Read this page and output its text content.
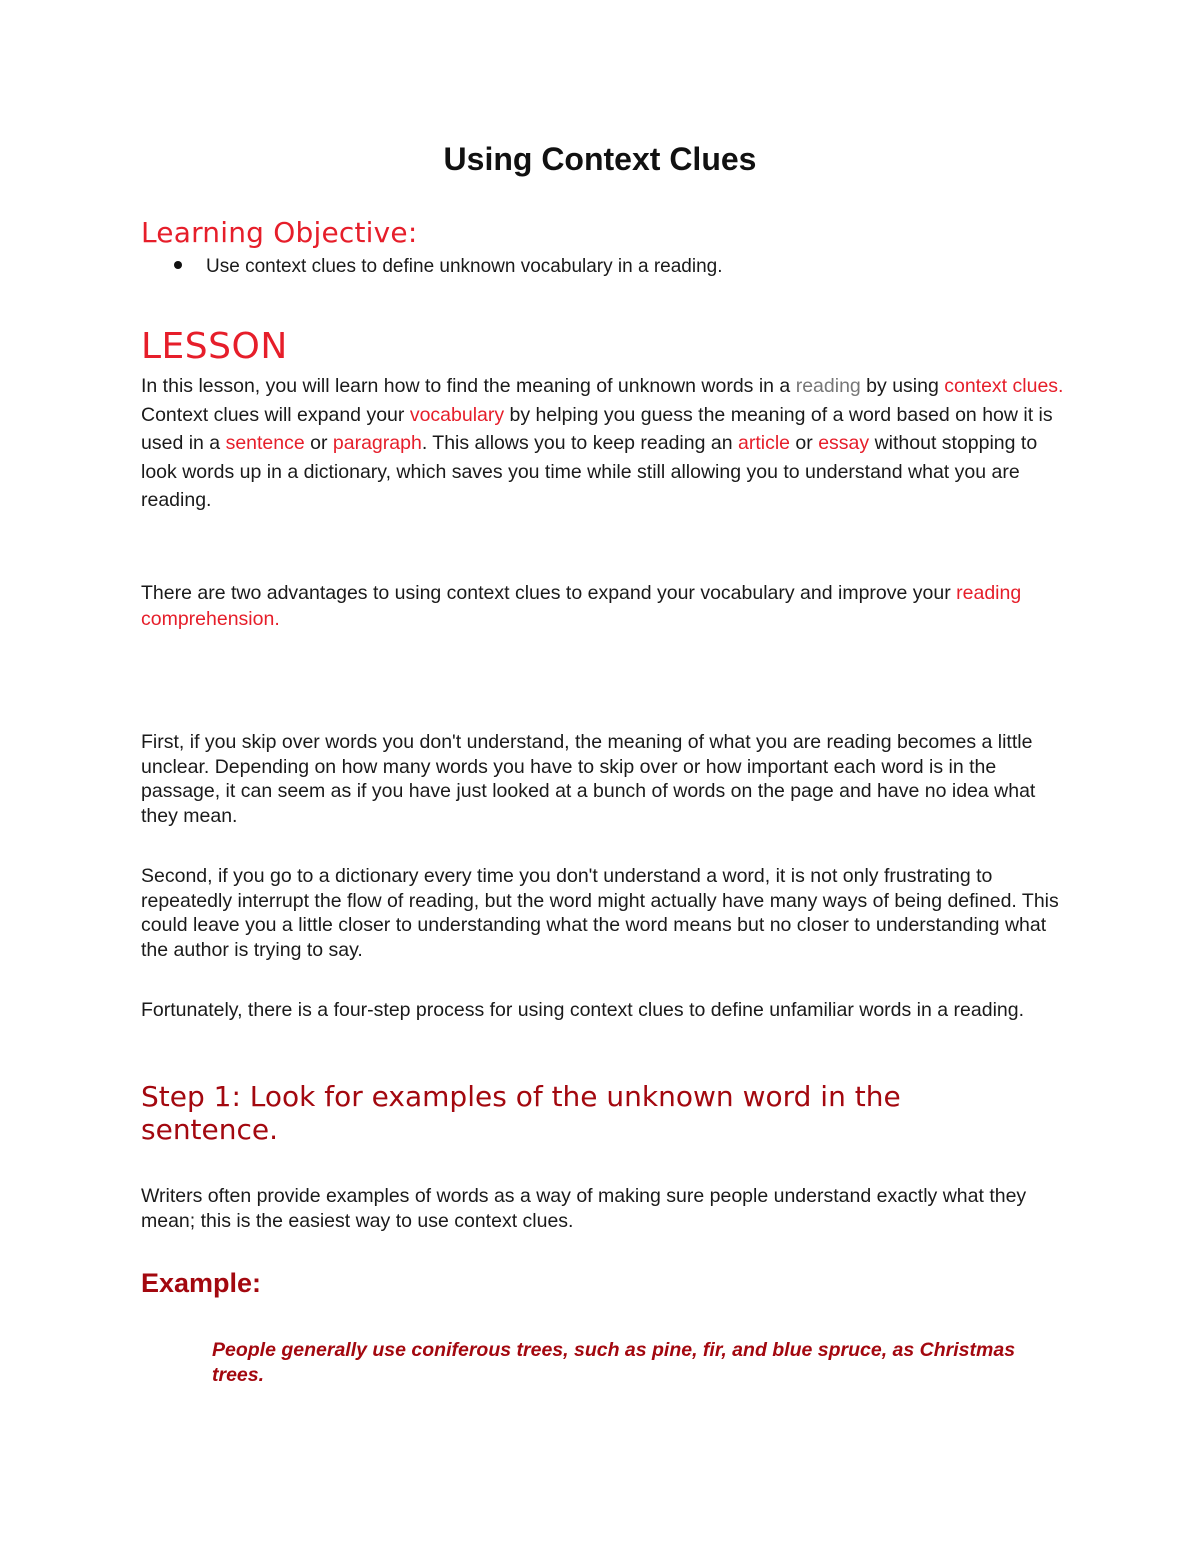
Using Context Clues
Learning Objective:
Use context clues to define unknown vocabulary in a reading.
LESSON
In this lesson, you will learn how to find the meaning of unknown words in a reading by using context clues. Context clues will expand your vocabulary by helping you guess the meaning of a word based on how it is used in a sentence or paragraph. This allows you to keep reading an article or essay without stopping to look words up in a dictionary, which saves you time while still allowing you to understand what you are reading.
There are two advantages to using context clues to expand your vocabulary and improve your reading comprehension.
First, if you skip over words you don't understand, the meaning of what you are reading becomes a little unclear. Depending on how many words you have to skip over or how important each word is in the passage, it can seem as if you have just looked at a bunch of words on the page and have no idea what they mean.
Second, if you go to a dictionary every time you don't understand a word, it is not only frustrating to repeatedly interrupt the flow of reading, but the word might actually have many ways of being defined. This could leave you a little closer to understanding what the word means but no closer to understanding what the author is trying to say.
Fortunately, there is a four-step process for using context clues to define unfamiliar words in a reading.
Step 1: Look for examples of the unknown word in the sentence.
Writers often provide examples of words as a way of making sure people understand exactly what they mean; this is the easiest way to use context clues.
Example:
People generally use coniferous trees, such as pine, fir, and blue spruce, as Christmas trees.
